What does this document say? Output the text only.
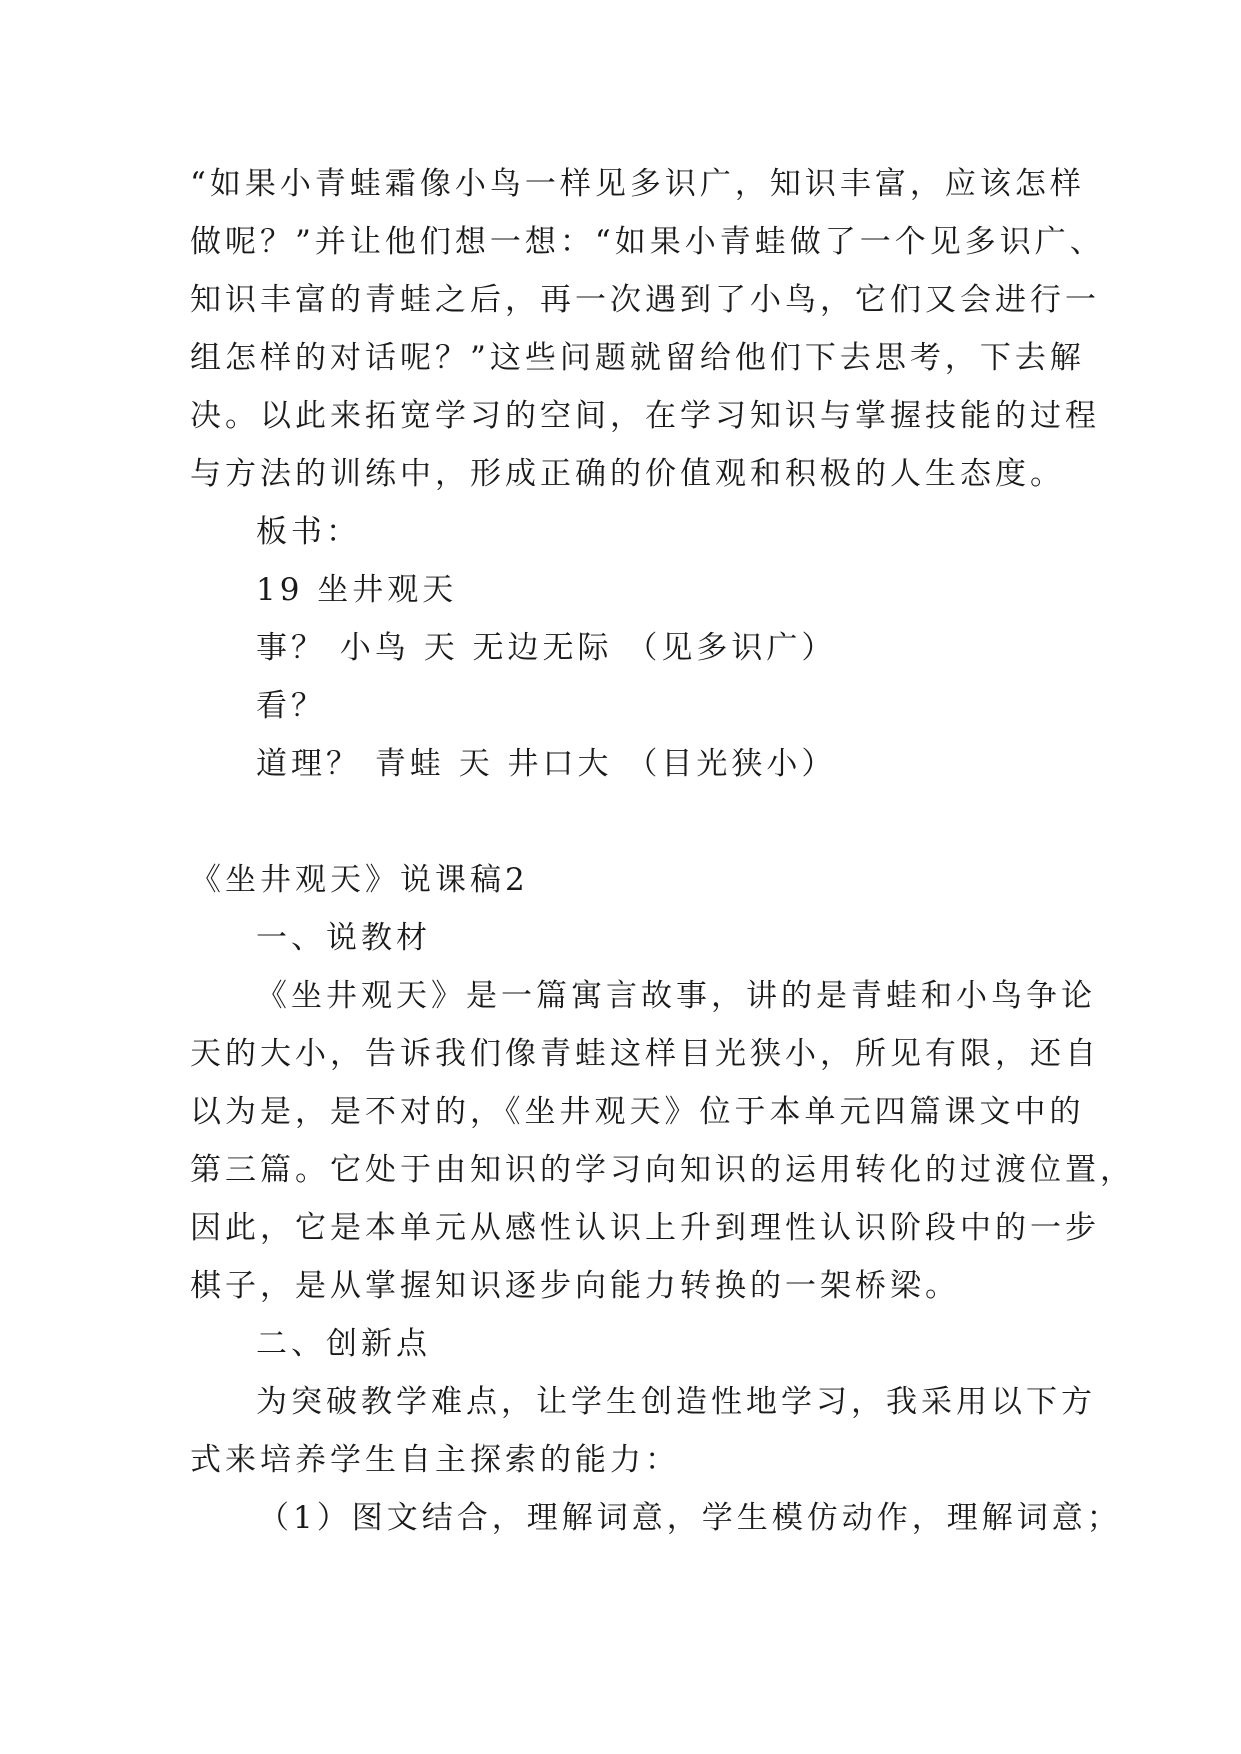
“如果小青蛙霜像小鸟一样见多识广，知识丰富，应该怎样
做呢？”并让他们想一想：“如果小青蛙做了一个见多识广、
知识丰富的青蛙之后，再一次遇到了小鸟，它们又会进行一
组怎样的对话呢？”这些问题就留给他们下去思考，下去解
决。以此来拓宽学习的空间，在学习知识与掌握技能的过程
与方法的训练中，形成正确的价值观和积极的人生态度。
板书：
19 坐井观天
事？ 小鸟 天 无边无际 （见多识广）
看？
道理？ 青蛙 天 井口大 （目光狭小）
《坐井观天》说课稿2
一、说教材
《坐井观天》是一篇寓言故事，讲的是青蛙和小鸟争论
天的大小，告诉我们像青蛙这样目光狭小，所见有限，还自
以为是，是不对的，《坐井观天》位于本单元四篇课文中的
第三篇。它处于由知识的学习向知识的运用转化的过渡位置，
因此，它是本单元从感性认识上升到理性认识阶段中的一步
棋子，是从掌握知识逐步向能力转换的一架桥梁。
二、创新点
为突破教学难点，让学生创造性地学习，我采用以下方
式来培养学生自主探索的能力：
（1）图文结合，理解词意，学生模仿动作，理解词意；
